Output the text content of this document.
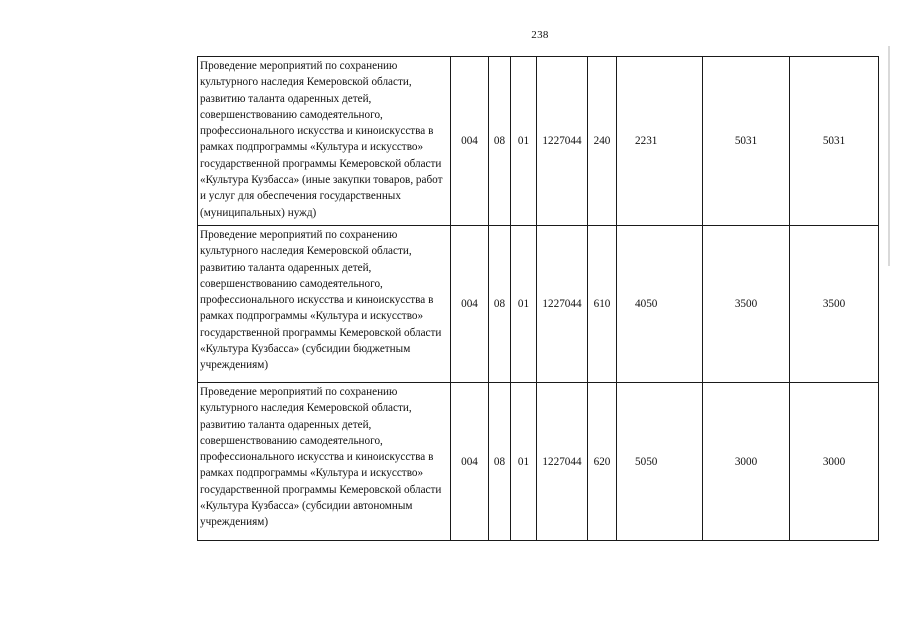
238
Проведение мероприятий по сохранению культурного наследия Кемеровской области, развитию таланта одаренных детей, совершенствованию самодеятельного, профессионального искусства и киноискусства в рамках подпрограммы «Культура и искусство» государственной программы Кемеровской области «Культура Кузбасса» (иные закупки товаров, работ и услуг для обеспечения государственных (муниципальных) нужд)	004	08	01	1227044	240	2231	5031	5031
Проведение мероприятий по сохранению культурного наследия Кемеровской области, развитию таланта одаренных детей, совершенствованию самодеятельного, профессионального искусства и киноискусства в рамках подпрограммы «Культура и искусство» государственной программы Кемеровской области «Культура Кузбасса» (субсидии бюджетным учреждениям)	004	08	01	1227044	610	4050	3500	3500
Проведение мероприятий по сохранению культурного наследия Кемеровской области, развитию таланта одаренных детей, совершенствованию самодеятельного, профессионального искусства и киноискусства в рамках подпрограммы «Культура и искусство» государственной программы Кемеровской области «Культура Кузбасса» (субсидии автономным учреждениям)	004	08	01	1227044	620	5050	3000	3000
